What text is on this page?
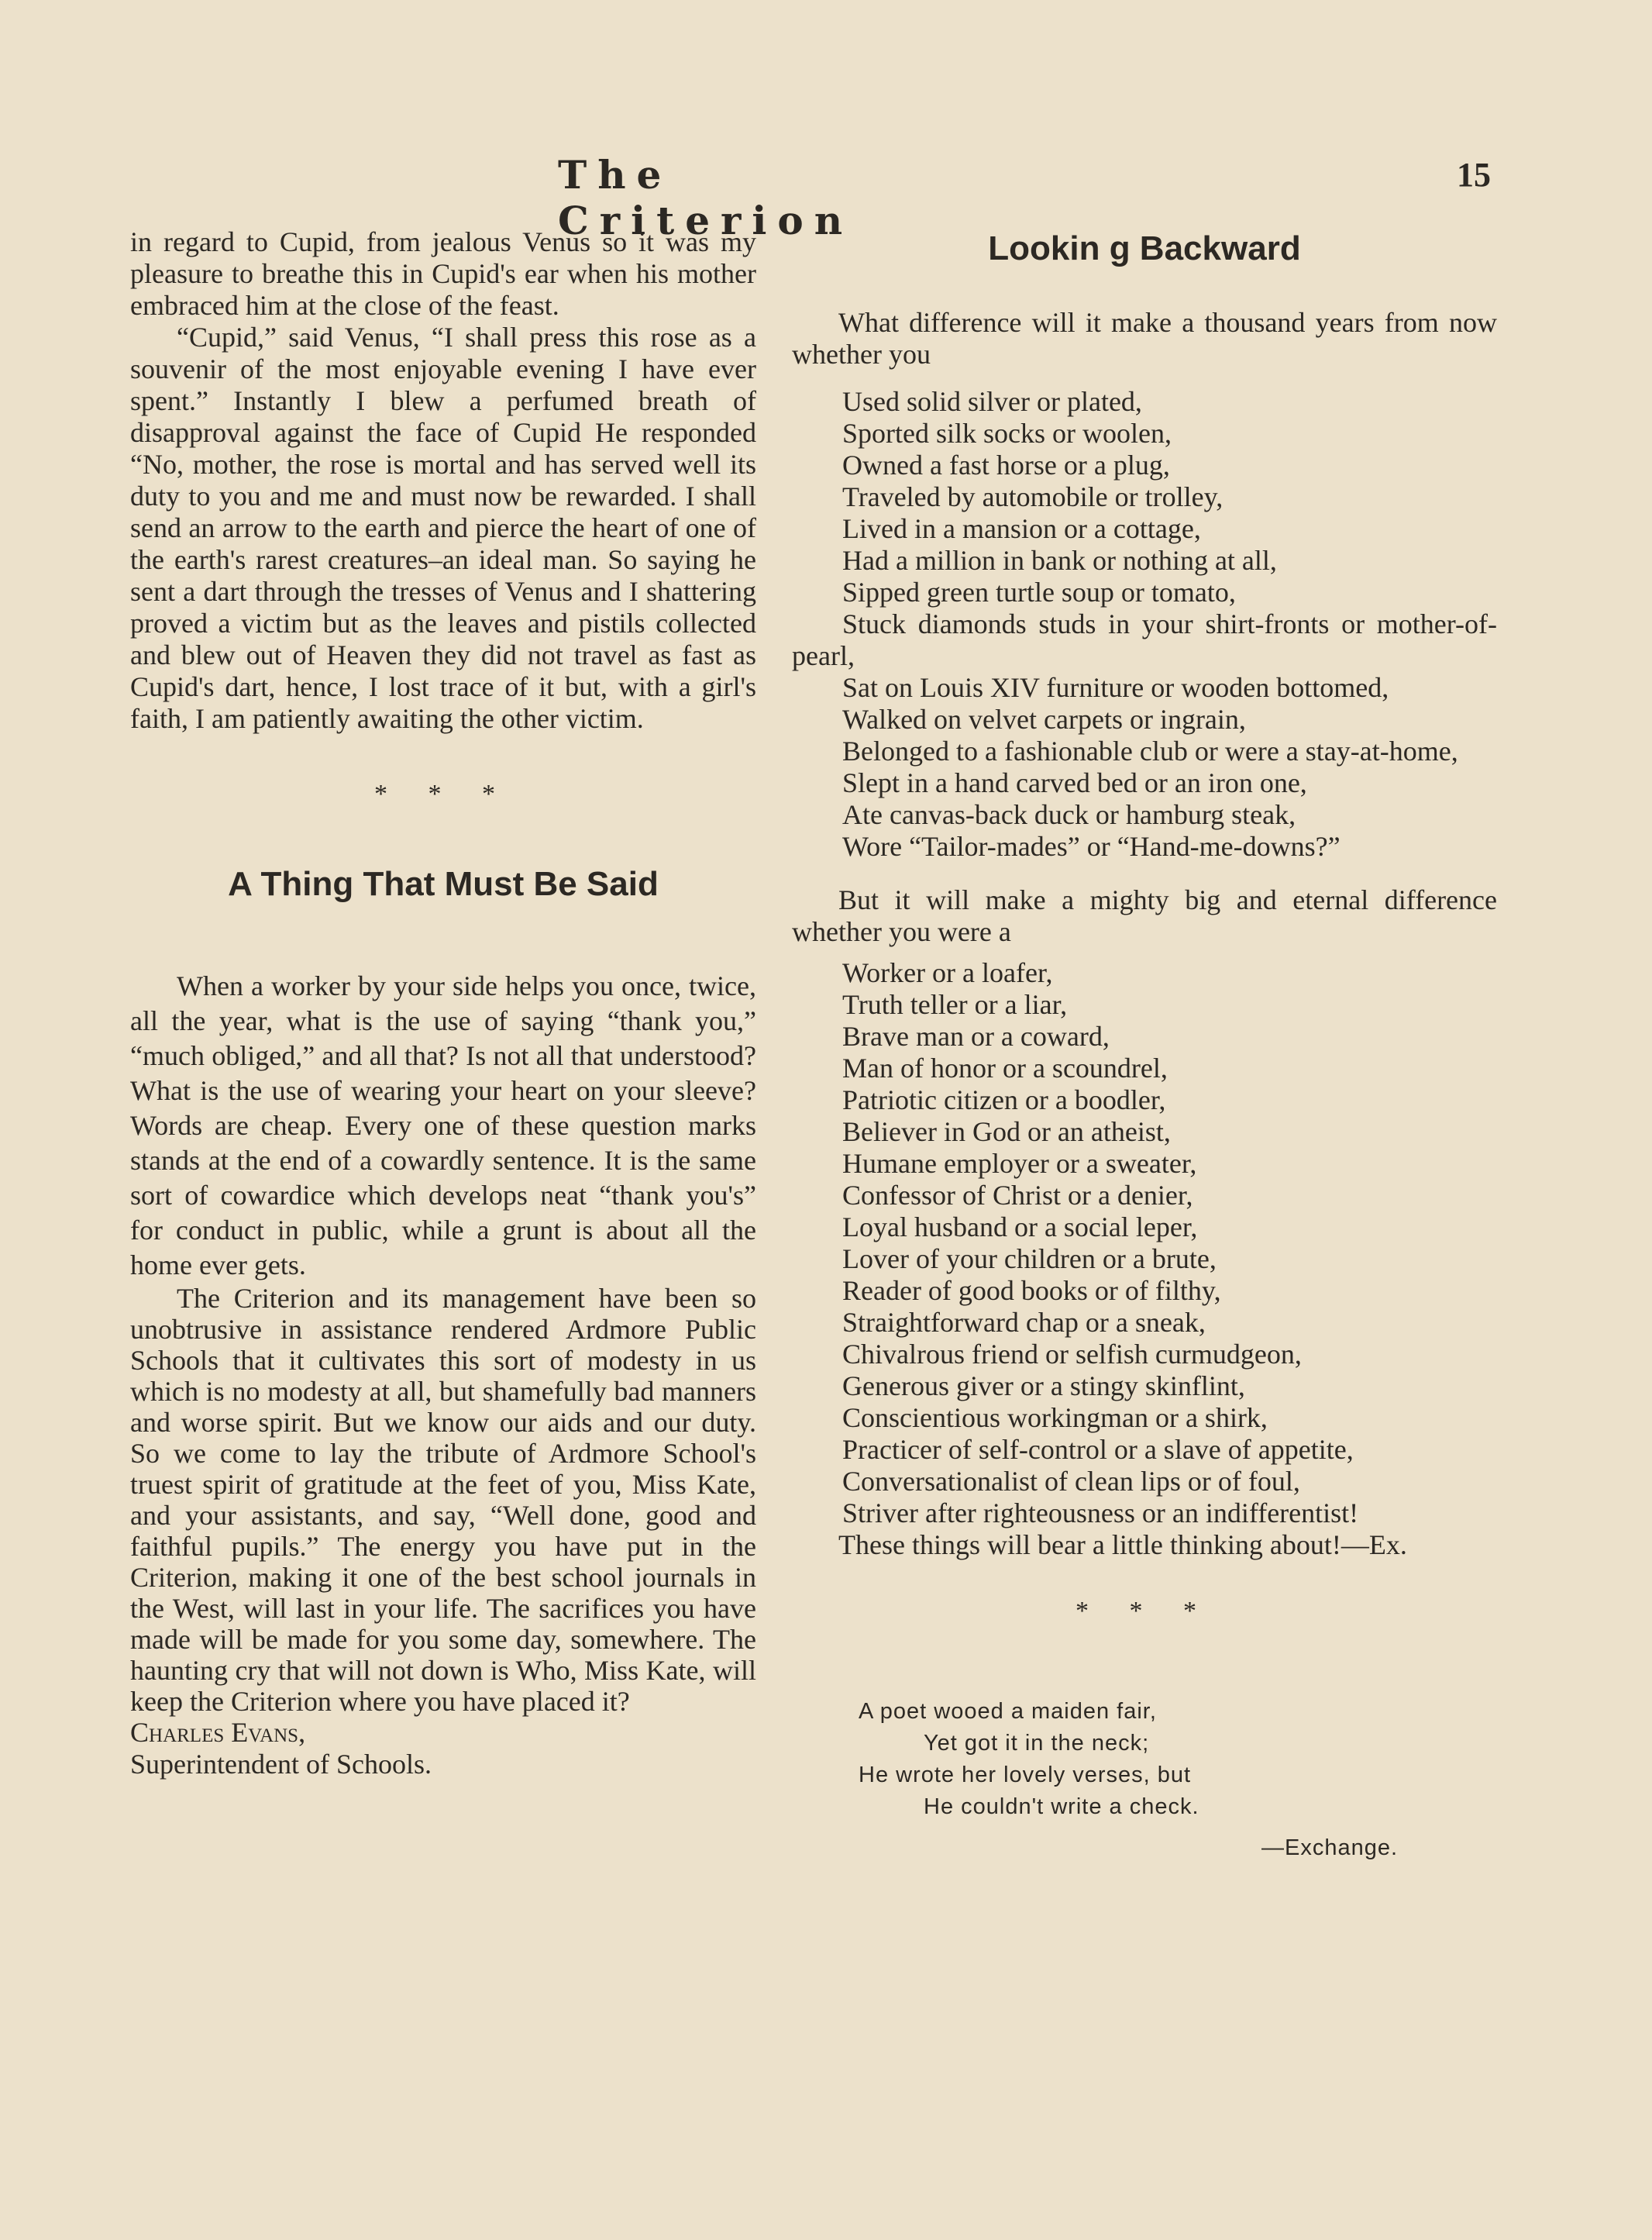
The Criterion
15

in regard to Cupid, from jealous Venus so it was my pleasure to breathe this in Cupid's ear when his mother embraced him at the close of the feast.

“Cupid,” said Venus, “I shall press this rose as a souvenir of the most enjoyable evening I have ever spent.” Instantly I blew a perfumed breath of disapproval against the face of Cupid He responded “No, mother, the rose is mortal and has served well its duty to you and me and must now be rewarded. I shall send an arrow to the earth and pierce the heart of one of the earth's rarest creatures–an ideal man. So saying he sent a dart through the tresses of Venus and I shattering proved a victim but as the leaves and pistils collected and blew out of Heaven they did not travel as fast as Cupid's dart, hence, I lost trace of it but, with a girl's faith, I am patiently awaiting the other victim.

* * *
A Thing That Must Be Said

When a worker by your side helps you once, twice, all the year, what is the use of saying “thank you,” “much obliged,” and all that? Is not all that understood? What is the use of wearing your heart on your sleeve? Words are cheap. Every one of these question marks stands at the end of a cowardly sentence. It is the same sort of cowardice which develops neat “thank you's” for conduct in public, while a grunt is about all the home ever gets.

The Criterion and its management have been so unobtrusive in assistance rendered Ardmore Public Schools that it cultivates this sort of modesty in us which is no modesty at all, but shamefully bad manners and worse spirit. But we know our aids and our duty. So we come to lay the tribute of Ardmore School's truest spirit of gratitude at the feet of you, Miss Kate, and your assistants, and say, “Well done, good and faithful pupils.” The energy you have put in the Criterion, making it one of the best school journals in the West, will last in your life. The sacrifices you have made will be made for you some day, somewhere. The haunting cry that will not down is Who, Miss Kate, will keep the Criterion where you have placed it?

Charles Evans,

Superintendent of Schools.

Lookin g Backward

What difference will it make a thousand years from now whether you

Used solid silver or plated,
Sported silk socks or woolen,
Owned a fast horse or a plug,
Traveled by automobile or trolley,
Lived in a mansion or a cottage,
Had a million in bank or nothing at all,
Sipped green turtle soup or tomato,
Stuck diamonds studs in your shirt-fronts or mother-of-pearl,
Sat on Louis XIV furniture or wooden bottomed,
Walked on velvet carpets or ingrain,
Belonged to a fashionable club or were a stay-at-home,
Slept in a hand carved bed or an iron one,
Ate canvas-back duck or hamburg steak,
Wore “Tailor-mades” or “Hand-me-downs?”

But it will make a mighty big and eternal difference whether you were a

Worker or a loafer,
Truth teller or a liar,
Brave man or a coward,
Man of honor or a scoundrel,
Patriotic citizen or a boodler,
Believer in God or an atheist,
Humane employer or a sweater,
Confessor of Christ or a denier,
Loyal husband or a social leper,
Lover of your children or a brute,
Reader of good books or of filthy,
Straightforward chap or a sneak,
Chivalrous friend or selfish curmudgeon,
Generous giver or a stingy skinflint,
Conscientious workingman or a shirk,
Practicer of self-control or a slave of appetite,
Conversationalist of clean lips or of foul,
Striver after righteousness or an indifferentist!

These things will bear a little thinking about!—Ex.

* * *
A poet wooed a maiden fair,
Yet got it in the neck;
He wrote her lovely verses, but
He couldn't write a check.
—Exchange.
